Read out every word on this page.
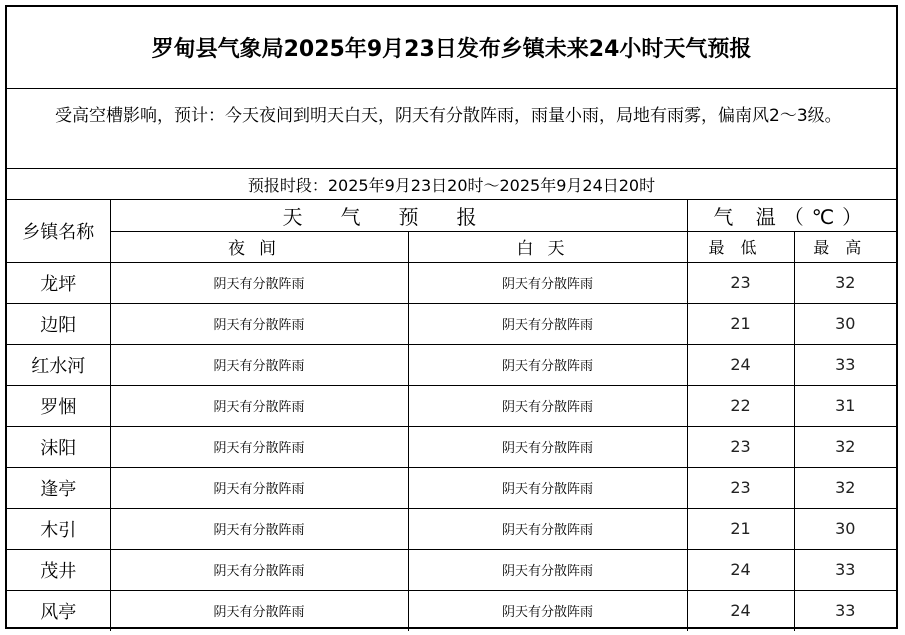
罗甸县气象局2025年9月23日发布乡镇未来24小时天气预报
受高空槽影响，预计：今天夜间到明天白天，阴天有分散阵雨，雨量小雨，局地有雨雾，偏南风2～3级。
预报时段：2025年9月23日20时～2025年9月24日20时
乡镇名称	天气预报		气 温（℃）	
	夜间	白天	最低	最高
龙坪	阴天有分散阵雨	阴天有分散阵雨	23	32
边阳	阴天有分散阵雨	阴天有分散阵雨	21	30
红水河	阴天有分散阵雨	阴天有分散阵雨	24	33
罗悃	阴天有分散阵雨	阴天有分散阵雨	22	31
沫阳	阴天有分散阵雨	阴天有分散阵雨	23	32
逢亭	阴天有分散阵雨	阴天有分散阵雨	23	32
木引	阴天有分散阵雨	阴天有分散阵雨	21	30
茂井	阴天有分散阵雨	阴天有分散阵雨	24	33
风亭	阴天有分散阵雨	阴天有分散阵雨	24	33
